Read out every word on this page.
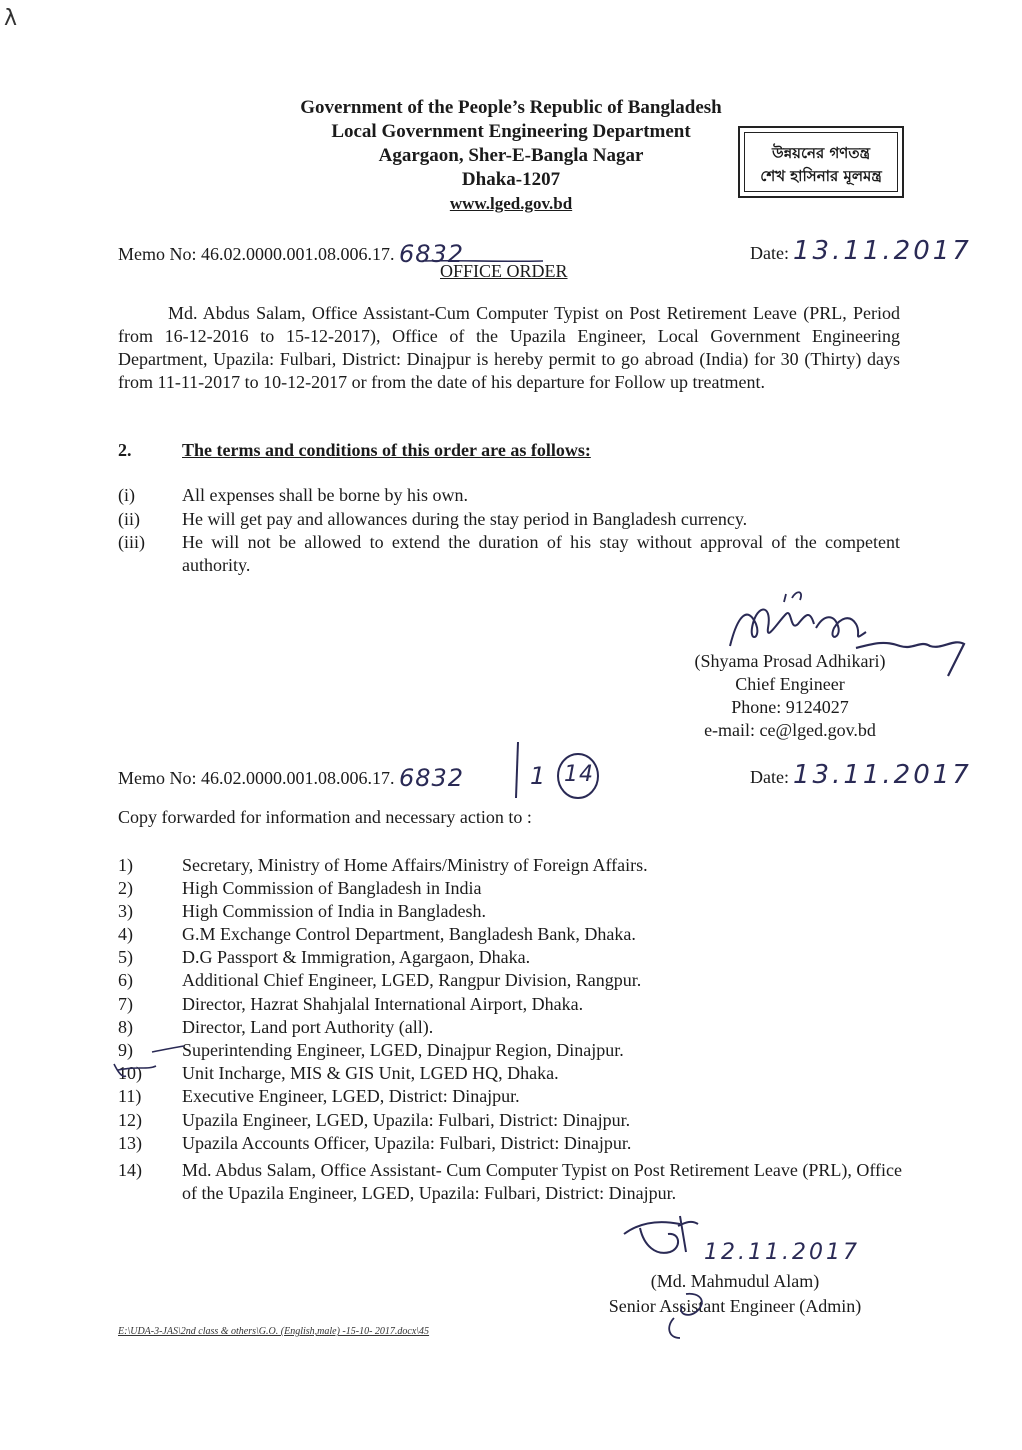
λ
Government of the People’s Republic of Bangladesh
Local Government Engineering Department
Agargaon, Sher-E-Bangla Nagar
Dhaka-1207
www.lged.gov.bd
উন্নয়নের গণতন্ত্র
শেখ হাসিনার মূলমন্ত্র
Memo No: 46.02.0000.001.08.006.17. 6832	Date: 13.11.2017
OFFICE ORDER
Md. Abdus Salam, Office Assistant-Cum Computer Typist on Post Retirement Leave (PRL, Period from 16-12-2016 to 15-12-2017), Office of the Upazila Engineer, Local Government Engineering Department, Upazila: Fulbari, District: Dinajpur is hereby permit to go abroad (India) for 30 (Thirty) days from 11-11-2017 to 10-12-2017 or from the date of his departure for Follow up treatment.
2.	The terms and conditions of this order are as follows:
(i)	All expenses shall be borne by his own.
(ii)	He will get pay and allowances during the stay period in Bangladesh currency.
(iii)	He will not be allowed to extend the duration of his stay without approval of the competent authority.
(Shyama Prosad Adhikari)
Chief Engineer
Phone: 9124027
e-mail: ce@lged.gov.bd
Memo No: 46.02.0000.001.08.006.17. 6832	1 14	Date: 13.11.2017
Copy forwarded for information and necessary action to :
1)	Secretary, Ministry of Home Affairs/Ministry of Foreign Affairs.
2)	High Commission of Bangladesh in India
3)	High Commission of India in Bangladesh.
4)	G.M Exchange Control Department, Bangladesh Bank, Dhaka.
5)	D.G Passport & Immigration, Agargaon, Dhaka.
6)	Additional Chief Engineer, LGED, Rangpur Division, Rangpur.
7)	Director, Hazrat Shahjalal International Airport, Dhaka.
8)	Director, Land port Authority (all).
9)	Superintending Engineer, LGED, Dinajpur Region, Dinajpur.
10)	Unit Incharge, MIS & GIS Unit, LGED HQ, Dhaka.
11)	Executive Engineer, LGED, District: Dinajpur.
12)	Upazila Engineer, LGED, Upazila: Fulbari, District: Dinajpur.
13)	Upazila Accounts Officer, Upazila: Fulbari, District: Dinajpur.
14)	Md. Abdus Salam, Office Assistant- Cum Computer Typist on Post Retirement Leave (PRL), Office of the Upazila Engineer, LGED, Upazila: Fulbari, District: Dinajpur.
12.11.2017
(Md. Mahmudul Alam)
Senior Assistant Engineer (Admin)
E:\UDA-3-JAS\2nd class & others\G.O. (English,male) -15-10- 2017.docx\45
